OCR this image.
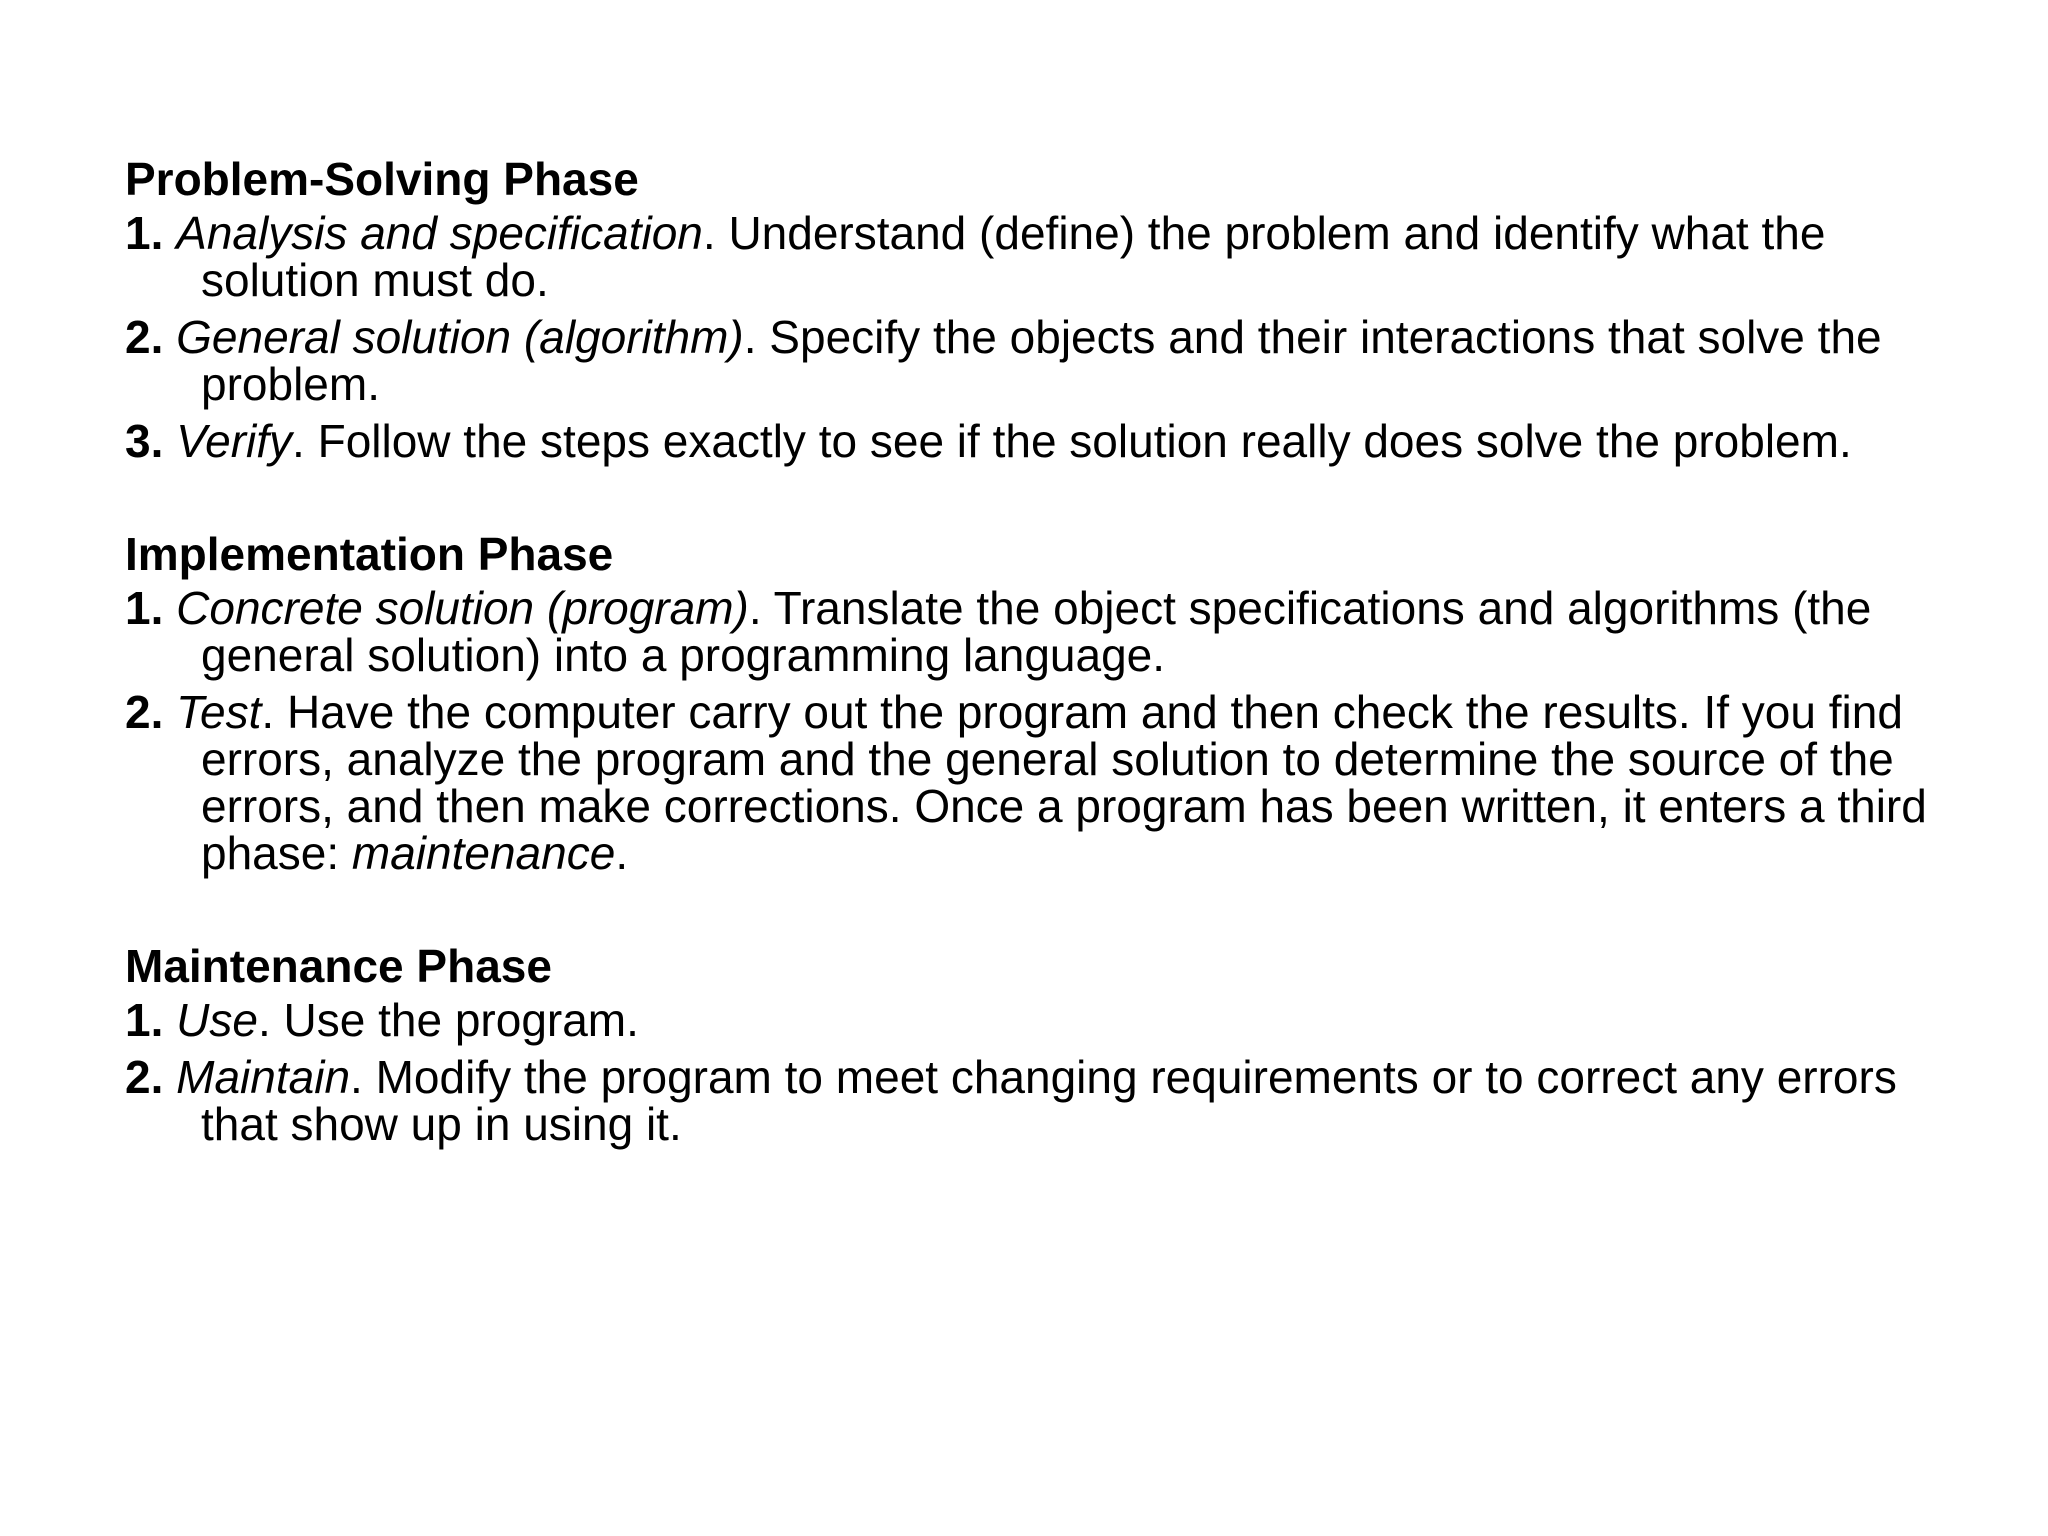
Problem-Solving Phase

1. Analysis and specification. Understand (define) the problem and identify what the solution must do.
2. General solution (algorithm). Specify the objects and their interactions that solve the problem.
3. Verify. Follow the steps exactly to see if the solution really does solve the problem.

Implementation Phase

1. Concrete solution (program). Translate the object specifications and algorithms (the general solution) into a programming language.
2. Test. Have the computer carry out the program and then check the results. If you find errors, analyze the program and the general solution to determine the source of the errors, and then make corrections. Once a program has been written, it enters a third phase: maintenance.

Maintenance Phase

1. Use. Use the program.
2. Maintain. Modify the program to meet changing requirements or to correct any errors that show up in using it.
